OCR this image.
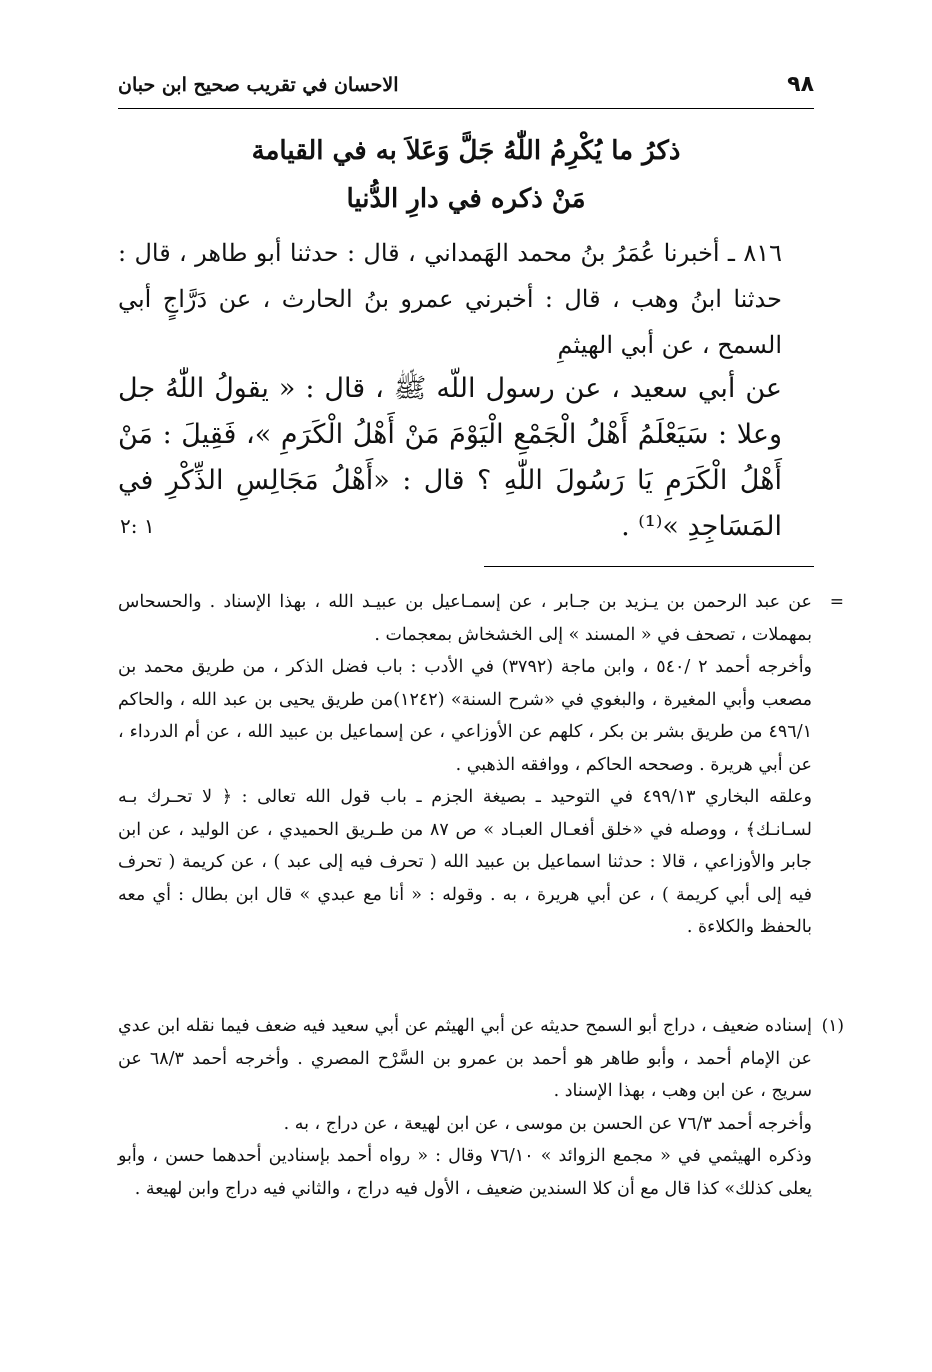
٩٨
الاحسان في تقريب صحيح ابن حبان
ذكرُ ما يُكْرِمُ اللّٰهُ جَلَّ وَعَلاَ به في القيامة
مَنْ ذكره في دارِ الدُّنيا
٨١٦ ـ أخبرنا عُمَرُ بنُ محمد الهَمداني ، قال : حدثنا أبو طاهر ، قال : حدثنا ابنُ وهب ، قال : أخبرني عمرو بنُ الحارث ، عن دَرَّاجٍ أبي السمح ، عن أبي الهيثمِ
عن أبي سعيد ، عن رسول اللّه ﷺ ، قال : « يقولُ اللّٰهُ جل وعلا : سَيَعْلَمُ أَهْلُ الْجَمْعِ الْيَوْمَ مَنْ أَهْلُ الْكَرَمِ »، فَقِيلَ : مَنْ أَهْلُ الْكَرَمِ يَا رَسُولَ اللّٰهِ ؟ قال : «أَهْلُ مَجَالِسِ الذِّكْرِ في المَسَاجِدِ »⁽¹⁾ .
١ :٢
=

عن عبد الرحمن بن يـزيد بن جـابر ، عن إسمـاعيل بن عبيـد الله ، بهذا الإسناد . والحسحاس بمهملات ، تصحف في « المسند » إلى الخشخاش بمعجمات .

وأخرجه أحمد ٢ /٥٤٠ ، وابن ماجة (٣٧٩٢) في الأدب : باب فضل الذكر ، من طريق محمد بن مصعب وأبي المغيرة ، والبغوي في «شرح السنة» (١٢٤٢)من طريق يحيى بن عبد الله ، والحاكم ٤٩٦/١ من طريق بشر بن بكر ، كلهم عن الأوزاعي ، عن إسماعيل بن عبيد الله ، عن أم الدرداء ، عن أبي هريرة . وصححه الحاكم ، ووافقه الذهبي .

وعلقه البخاري ٤٩٩/١٣ في التوحيد ـ بصيغة الجزم ـ باب قول الله تعالى : ﴿ لا تحـرك بـه لسـانـك﴾ ، ووصله في «خلق أفعـال العبـاد » ص ٨٧ من طـريق الحميدي ، عن الوليد ، عن ابن جابر والأوزاعي ، قالا : حدثنا اسماعيل بن عبيد الله ( تحرف فيه إلى عبد ) ، عن كريمة ( تحرف فيه إلى أبي كريمة ) ، عن أبي هريرة ، به . وقوله : « أنا مع عبدي » قال ابن بطال : أي معه بالحفظ والكلاءة .

(١)

إسناده ضعيف ، دراج أبو السمح حديثه عن أبي الهيثم عن أبي سعيد فيه ضعف فيما نقله ابن عدي عن الإمام أحمد ، وأبو طاهر هو أحمد بن عمرو بن السَّرْح المصري . وأخرجه أحمد ٦٨/٣ عن سريج ، عن ابن وهب ، بهذا الإسناد .

وأخرجه أحمد ٧٦/٣ عن الحسن بن موسى ، عن ابن لهيعة ، عن دراج ، به .

وذكره الهيثمي في « مجمع الزوائد » ٧٦/١٠ وقال : « رواه أحمد بإسنادين أحدهما حسن ، وأبو يعلى كذلك» كذا قال مع أن كلا السندين ضعيف ، الأول فيه دراج ، والثاني فيه دراج وابن لهيعة .
